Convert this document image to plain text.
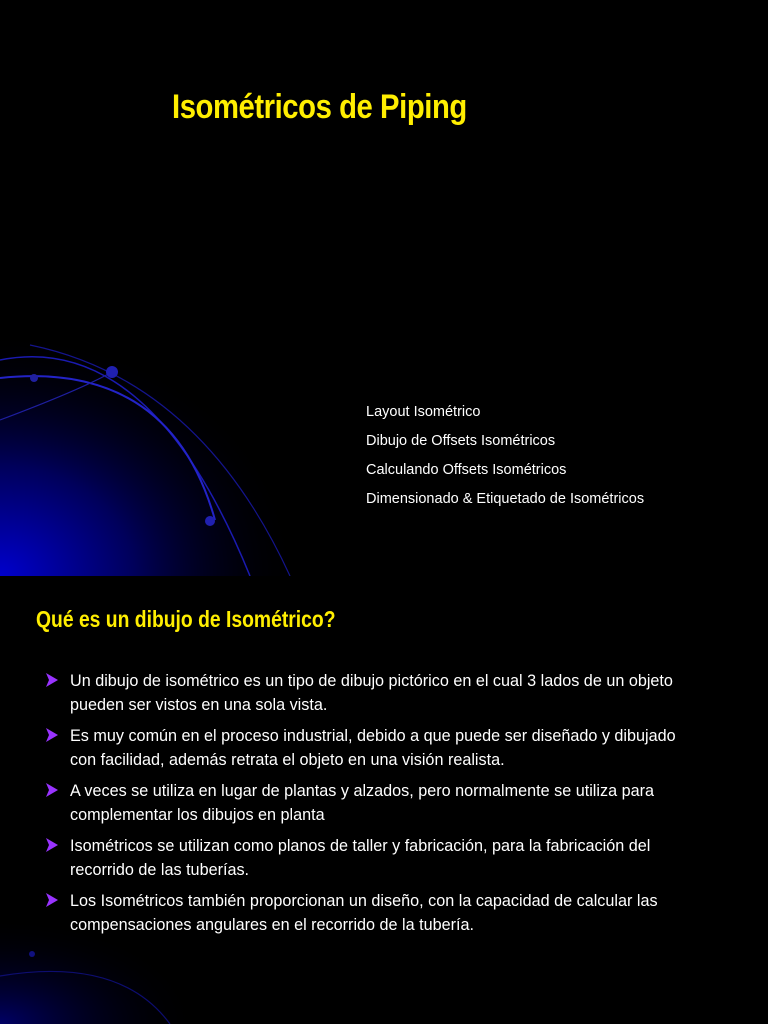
Isométricos de Piping
Layout Isométrico
Dibujo de Offsets Isométricos
Calculando Offsets Isométricos
Dimensionado & Etiquetado de Isométricos
Qué es un dibujo de Isométrico?
Un dibujo de isométrico es un tipo de dibujo pictórico en el cual 3 lados de un objeto pueden ser vistos en una sola vista.
Es muy común en el proceso industrial, debido a que puede ser diseñado y dibujado con facilidad, además retrata el objeto en una visión realista.
A veces se utiliza en lugar de plantas y alzados, pero normalmente se utiliza para complementar los dibujos en planta
Isométricos se utilizan como planos de taller y fabricación, para la fabricación del recorrido de las tuberías.
Los Isométricos también proporcionan un diseño, con la capacidad de calcular las compensaciones angulares en el recorrido de la tubería.
